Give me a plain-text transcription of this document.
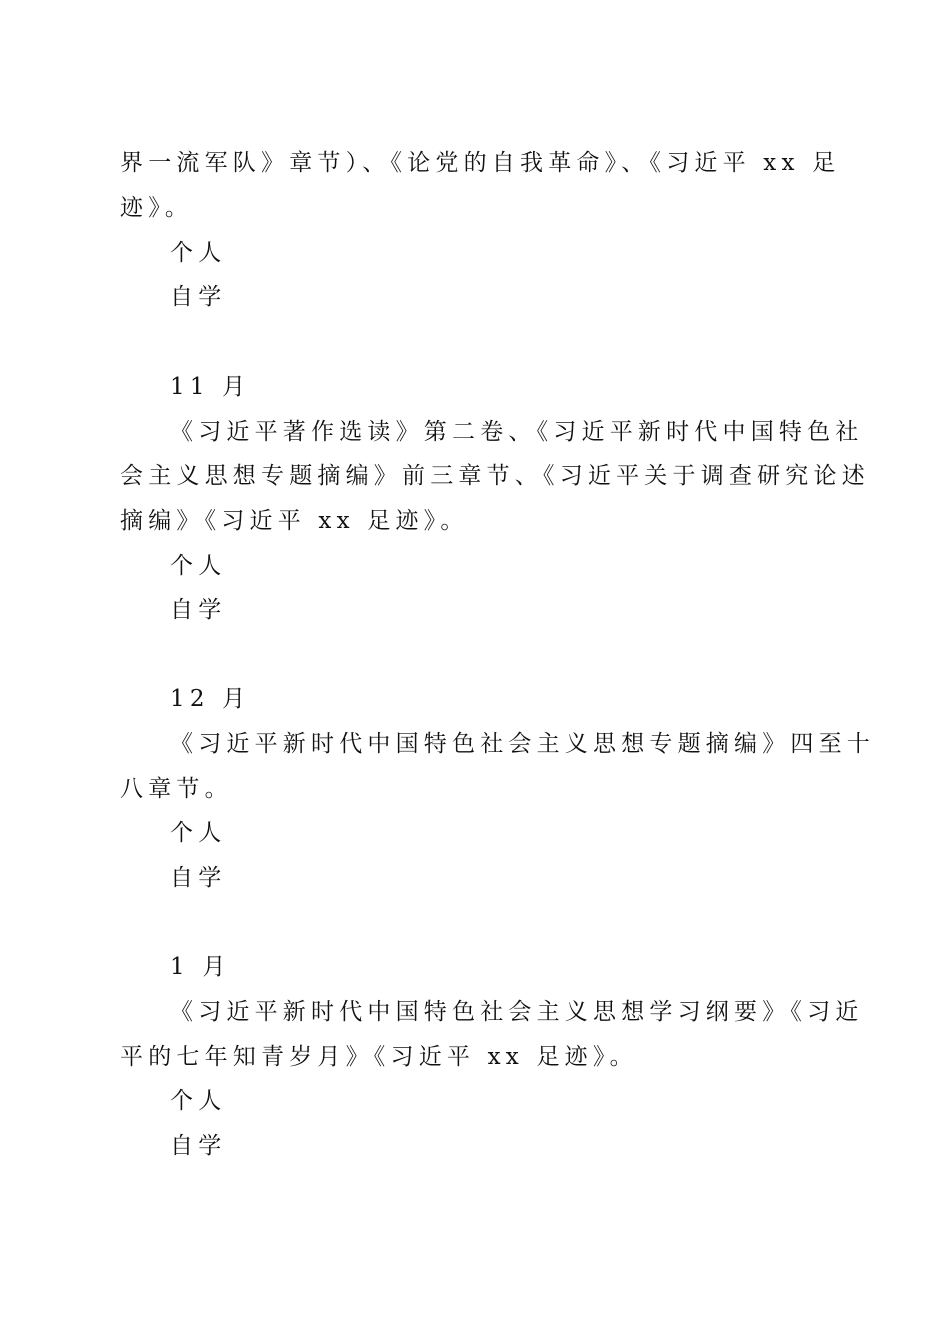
界一流军队》章节）、《论党的自我革命》、《习近平 xx 足

迹》。

个人

自学

11 月

《习近平著作选读》第二卷、《习近平新时代中国特色社

会主义思想专题摘编》前三章节、《习近平关于调查研究论述

摘编》《习近平 xx 足迹》。

个人

自学

12 月

《习近平新时代中国特色社会主义思想专题摘编》四至十

八章节。

个人

自学

1 月

《习近平新时代中国特色社会主义思想学习纲要》《习近

平的七年知青岁月》《习近平 xx 足迹》。

个人

自学
